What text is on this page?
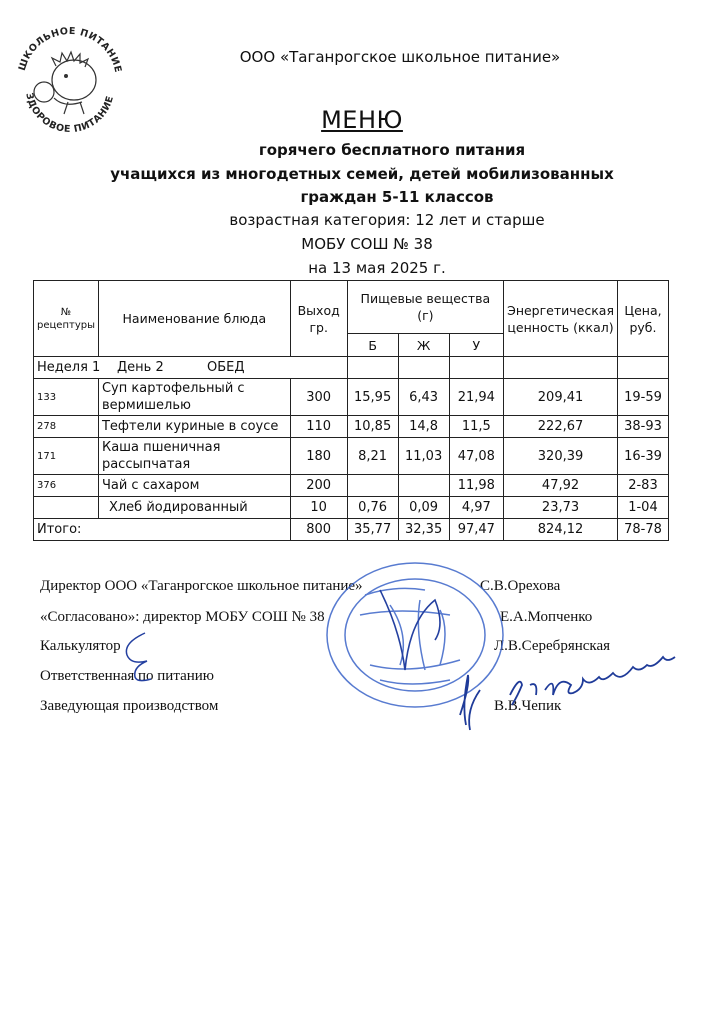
ШКОЛЬНОЕ ПИТАНИЕ
ЗДОРОВОЕ ПИТАНИЕ
ООО «Таганрогское школьное питание»
МЕНЮ
горячего бесплатного питания
учащихся из многодетных семей, детей мобилизованных
граждан 5-11 классов
возрастная категория: 12 лет и старше
МОБУ СОШ № 38
на 13 мая 2025 г.
№ рецептуры	Наименование блюда	Выход гр.	Пищевые вещества (г)			Энергетическая ценность (ккал)	Цена, руб.
			Б	Ж	У		
Неделя 1 День 2 ОБЕД							
133	Суп картофельный с вермишелью	300	15,95	6,43	21,94	209,41	19-59
278	Тефтели куриные в соусе	110	10,85	14,8	11,5	222,67	38-93
171	Каша пшеничная рассыпчатая	180	8,21	11,03	47,08	320,39	16-39
376	Чай с сахаром	200			11,98	47,92	2-83
	Хлеб йодированный	10	0,76	0,09	4,97	23,73	1-04
Итого:		800	35,77	32,35	97,47	824,12	78-78
Директор ООО «Таганрогское школьное питание»	С.В.Орехова
«Согласовано»: директор МОБУ СОШ № 38	Е.А.Мопченко
Калькулятор	Л.В.Серебрянская
Ответственная по питанию
Заведующая производством	В.В.Чепик
